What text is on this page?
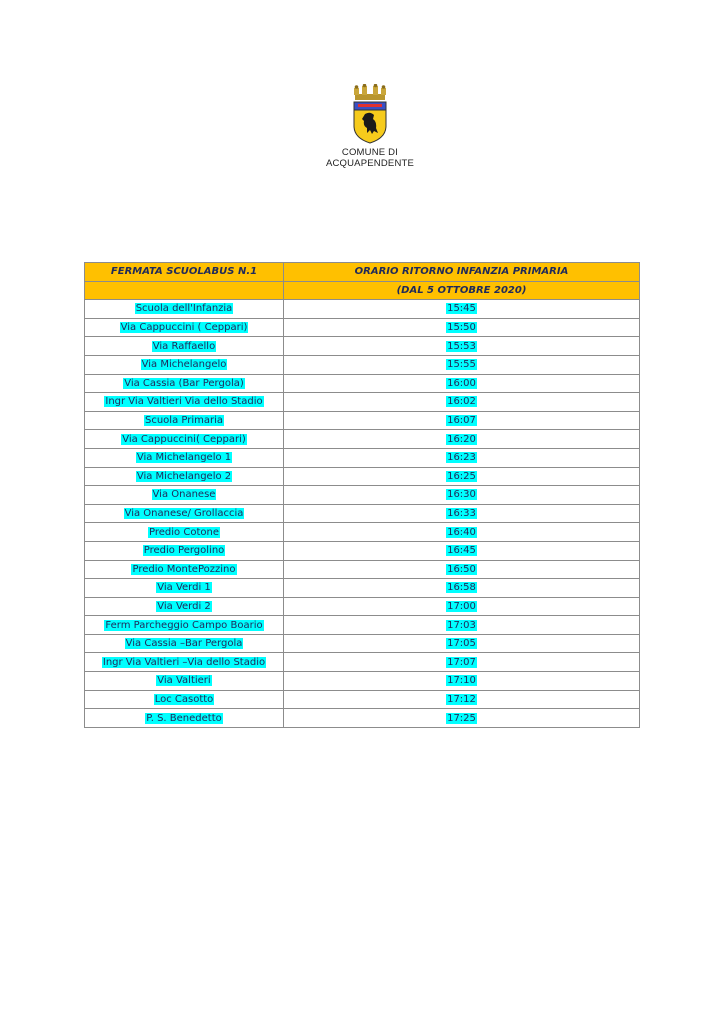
COMUNE DI
ACQUAPENDENTE
FERMATA SCUOLABUS N.1	ORARIO RITORNO INFANZIA PRIMARIA
	(DAL 5 OTTOBRE 2020)
Scuola dell'Infanzia	15:45
Via Cappuccini ( Ceppari)	15:50
Via Raffaello	15:53
Via Michelangelo	15:55
Via Cassia (Bar Pergola)	16:00
Ingr Via Valtieri Via dello Stadio	16:02
Scuola Primaria	16:07
Via Cappuccini( Ceppari)	16:20
Via Michelangelo 1	16:23
Via Michelangelo 2	16:25
Via Onanese	16:30
Via Onanese/ Grollaccia	16:33
Predio Cotone	16:40
Predio Pergolino	16:45
Predio MontePozzino	16:50
Via Verdi 1	16:58
Via Verdi 2	17:00
Ferm Parcheggio Campo Boario	17:03
Via Cassia –Bar Pergola	17:05
Ingr Via Valtieri –Via dello Stadio	17:07
Via Valtieri	17:10
Loc Casotto	17:12
P. S. Benedetto	17:25
